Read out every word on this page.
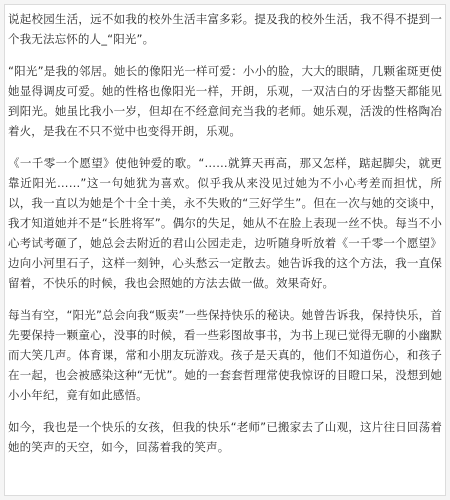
说起校园生活，远不如我的校外生活丰富多彩。提及我的校外生活，我不得不提到一个我无法忘怀的人_“阳光”。

“阳光”是我的邻居。她长的像阳光一样可爱：小小的脸，大大的眼睛，几颗雀斑更使她显得调皮可爱。她的性格也像阳光一样，开朗，乐观，一双洁白的牙齿整天都能见到阳光。她虽比我小一岁，但却在不经意间充当我的老师。她乐观，活泼的性格陶冶着火，是我在不只不觉中也变得开朗，乐观。

《一千零一个愿望》使他钟爱的歌。“……就算天再高，那又怎样，踮起脚尖，就更靠近阳光……”这一句她犹为喜欢。似乎我从来没见过她为不小心考差而担忧，所以，我一直以为她是个十全十美，永不失败的“三好学生”。但在一次与她的交谈中，我才知道她并不是“长胜将军”。偶尔的失足，她从不在脸上表现一丝不快。每当不小心考试考砸了，她总会去附近的君山公园走走，边听随身听放着《一千零一个愿望》边向小河里石子，这样一刻钟，心头愁云一定散去。她告诉我的这个方法，我一直保留着，不快乐的时候，我也会照她的方法去做一做。效果奇好。

每当有空，“阳光”总会向我“贩卖”一些保持快乐的秘诀。她曾告诉我，保持快乐，首先要保持一颗童心，没事的时候，看一些彩图故事书，为书上现已觉得无聊的小幽默而大笑几声。体育课，常和小朋友玩游戏。孩子是天真的，他们不知道伤心，和孩子在一起，也会被感染这种“无忧”。她的一套套哲理常使我惊讶的目瞪口呆，没想到她小小年纪，竟有如此感悟。

如今，我也是一个快乐的女孩，但我的快乐“老师”已搬家去了山观，这片往日回荡着她的笑声的天空，如今，回荡着我的笑声。
